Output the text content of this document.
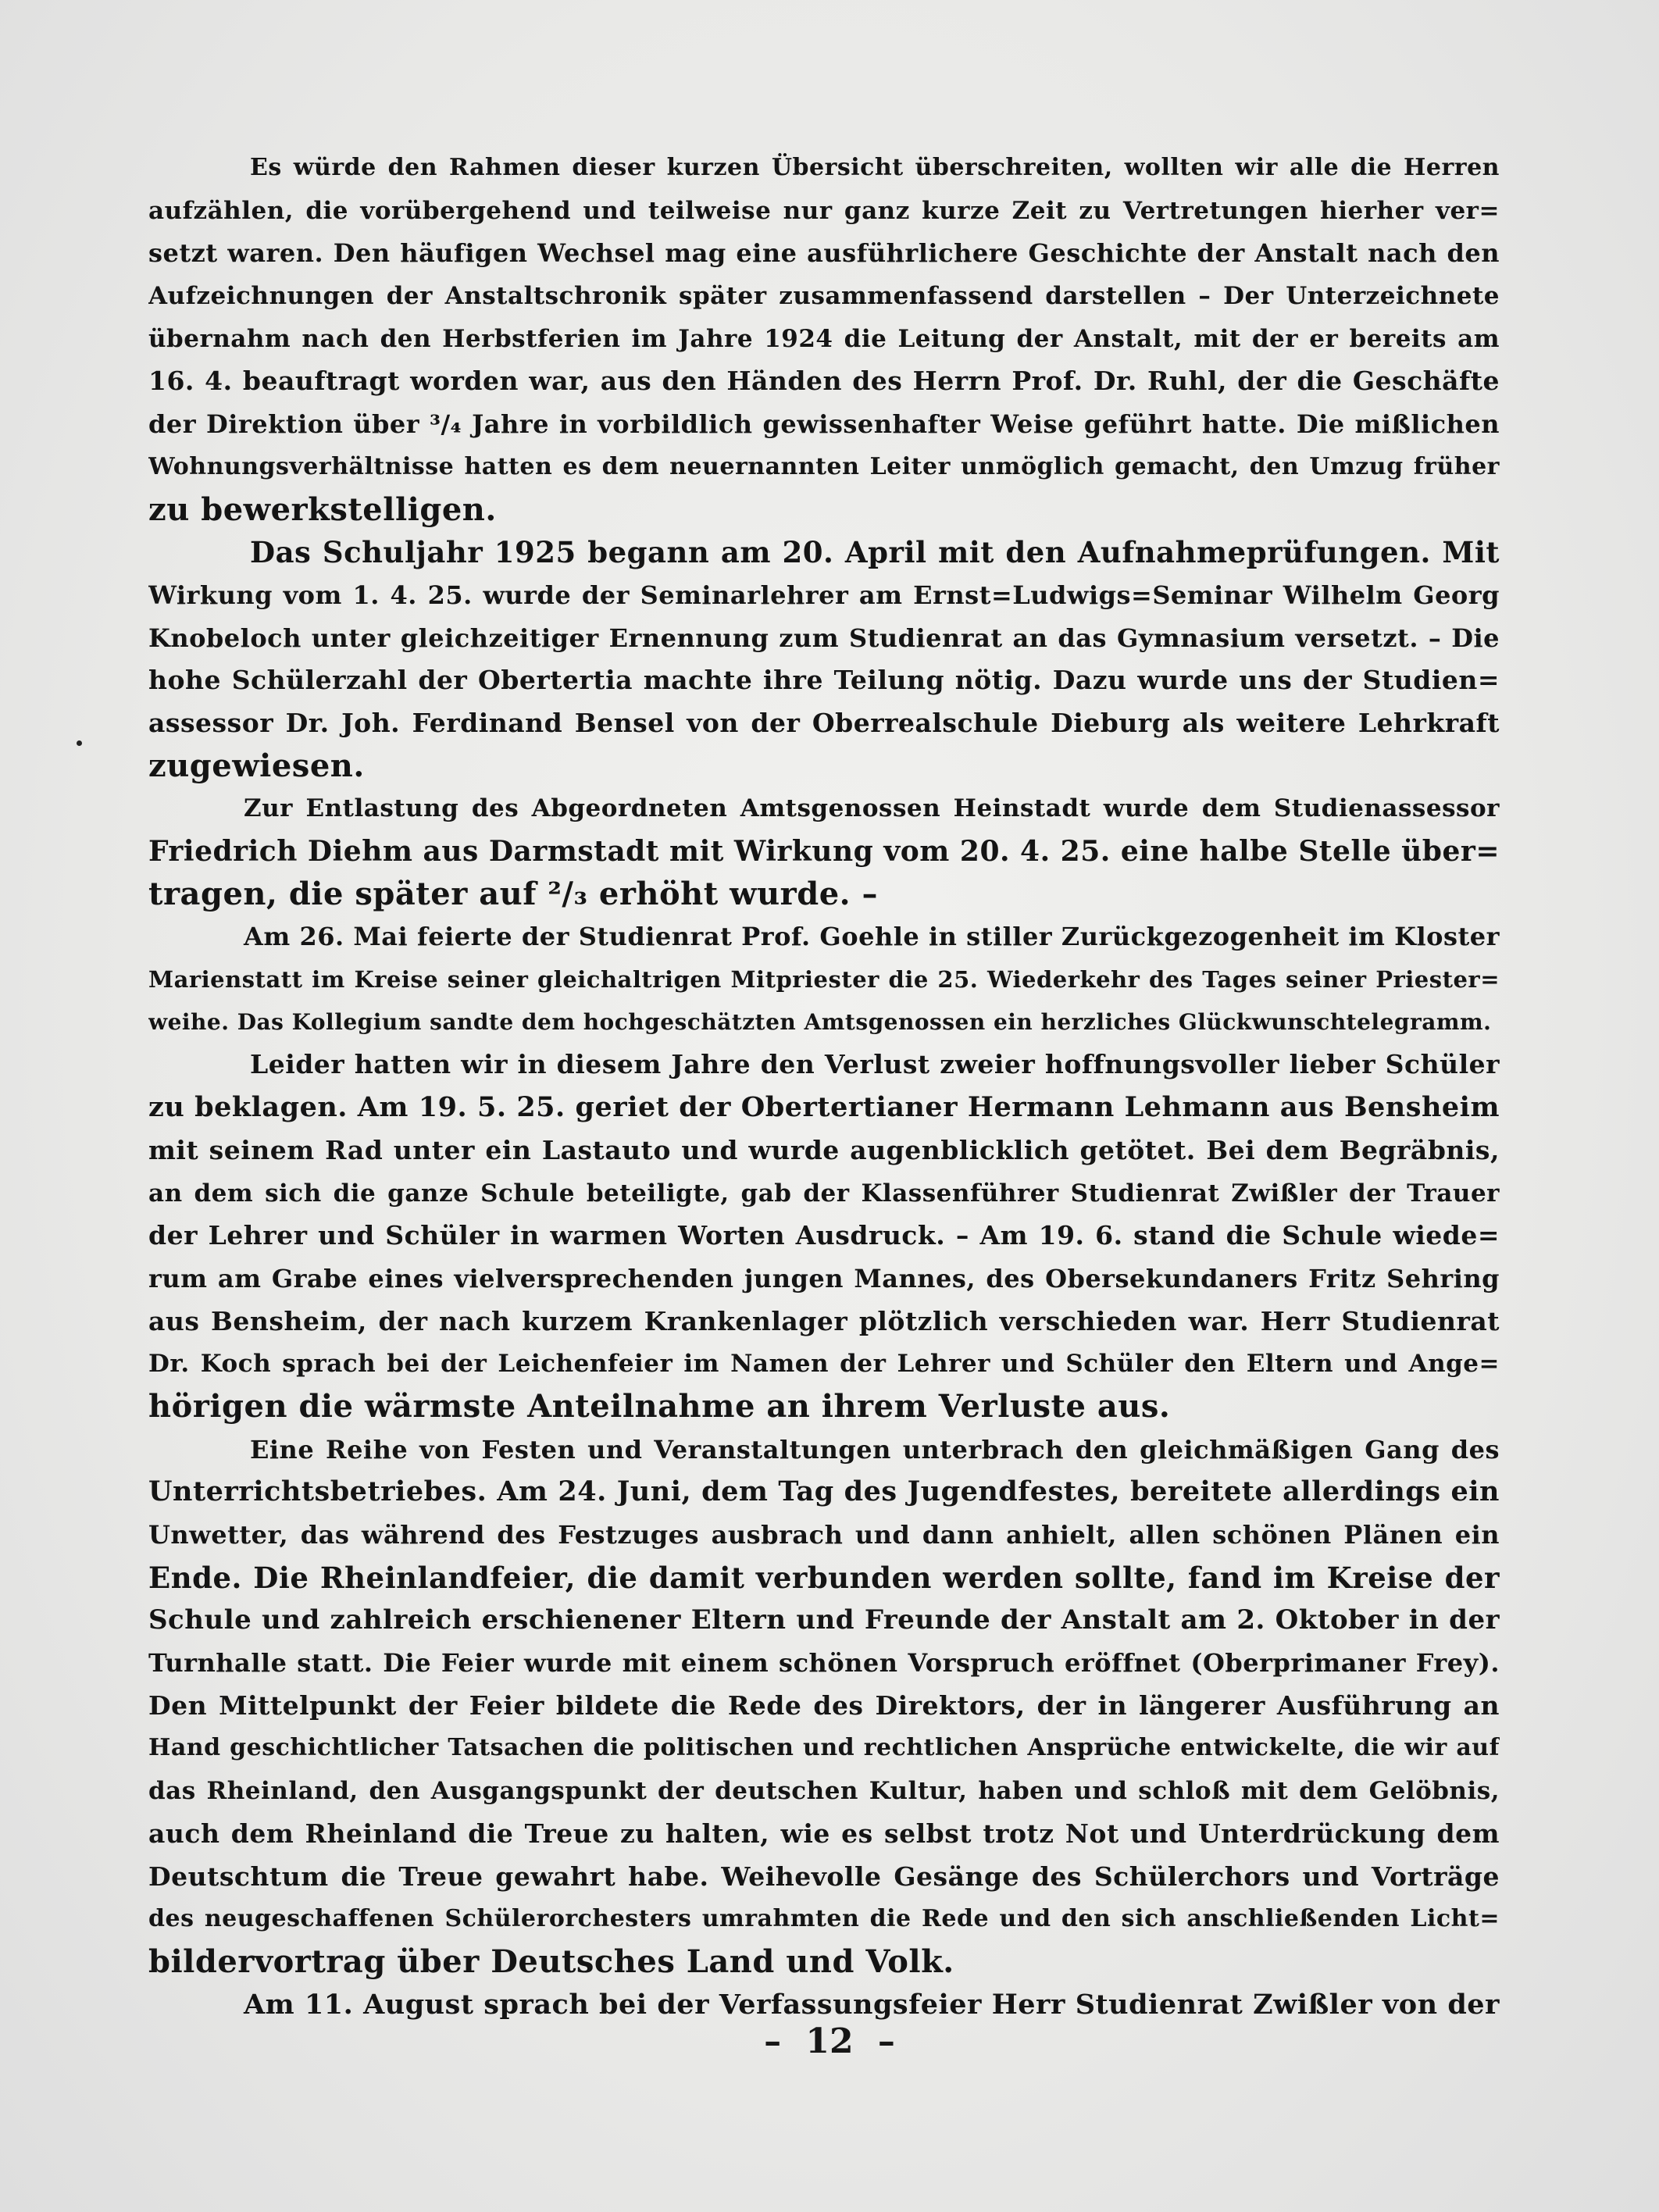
Es würde den Rahmen dieser kurzen Übersicht überschreiten, wollten wir alle die Herren
aufzählen, die vorübergehend und teilweise nur ganz kurze Zeit zu Vertretungen hierher ver=
setzt waren. Den häufigen Wechsel mag eine ausführlichere Geschichte der Anstalt nach den
Aufzeichnungen der Anstaltschronik später zusammenfassend darstellen – Der Unterzeichnete
übernahm nach den Herbstferien im Jahre 1924 die Leitung der Anstalt, mit der er bereits am
16. 4. beauftragt worden war, aus den Händen des Herrn Prof. Dr. Ruhl, der die Geschäfte
der Direktion über ³/₄ Jahre in vorbildlich gewissenhafter Weise geführt hatte. Die mißlichen
Wohnungsverhältnisse hatten es dem neuernannten Leiter unmöglich gemacht, den Umzug früher
zu bewerkstelligen.
Das Schuljahr 1925 begann am 20. April mit den Aufnahmeprüfungen. Mit
Wirkung vom 1. 4. 25. wurde der Seminarlehrer am Ernst=Ludwigs=Seminar Wilhelm Georg
Knobeloch unter gleichzeitiger Ernennung zum Studienrat an das Gymnasium versetzt. – Die
hohe Schülerzahl der Obertertia machte ihre Teilung nötig. Dazu wurde uns der Studien=
assessor Dr. Joh. Ferdinand Bensel von der Oberrealschule Dieburg als weitere Lehrkraft
zugewiesen.
Zur Entlastung des Abgeordneten Amtsgenossen Heinstadt wurde dem Studienassessor
Friedrich Diehm aus Darmstadt mit Wirkung vom 20. 4. 25. eine halbe Stelle über=
tragen, die später auf ²/₃ erhöht wurde. –
Am 26. Mai feierte der Studienrat Prof. Goehle in stiller Zurückgezogenheit im Kloster
Marienstatt im Kreise seiner gleichaltrigen Mitpriester die 25. Wiederkehr des Tages seiner Priester=
weihe. Das Kollegium sandte dem hochgeschätzten Amtsgenossen ein herzliches Glückwunschtelegramm.
Leider hatten wir in diesem Jahre den Verlust zweier hoffnungsvoller lieber Schüler
zu beklagen. Am 19. 5. 25. geriet der Obertertianer Hermann Lehmann aus Bensheim
mit seinem Rad unter ein Lastauto und wurde augenblicklich getötet. Bei dem Begräbnis,
an dem sich die ganze Schule beteiligte, gab der Klassenführer Studienrat Zwißler der Trauer
der Lehrer und Schüler in warmen Worten Ausdruck. – Am 19. 6. stand die Schule wiede=
rum am Grabe eines vielversprechenden jungen Mannes, des Obersekundaners Fritz Sehring
aus Bensheim, der nach kurzem Krankenlager plötzlich verschieden war. Herr Studienrat
Dr. Koch sprach bei der Leichenfeier im Namen der Lehrer und Schüler den Eltern und Ange=
hörigen die wärmste Anteilnahme an ihrem Verluste aus.
Eine Reihe von Festen und Veranstaltungen unterbrach den gleichmäßigen Gang des
Unterrichtsbetriebes. Am 24. Juni, dem Tag des Jugendfestes, bereitete allerdings ein
Unwetter, das während des Festzuges ausbrach und dann anhielt, allen schönen Plänen ein
Ende. Die Rheinlandfeier, die damit verbunden werden sollte, fand im Kreise der
Schule und zahlreich erschienener Eltern und Freunde der Anstalt am 2. Oktober in der
Turnhalle statt. Die Feier wurde mit einem schönen Vorspruch eröffnet (Oberprimaner Frey).
Den Mittelpunkt der Feier bildete die Rede des Direktors, der in längerer Ausführung an
Hand geschichtlicher Tatsachen die politischen und rechtlichen Ansprüche entwickelte, die wir auf
das Rheinland, den Ausgangspunkt der deutschen Kultur, haben und schloß mit dem Gelöbnis,
auch dem Rheinland die Treue zu halten, wie es selbst trotz Not und Unterdrückung dem
Deutschtum die Treue gewahrt habe. Weihevolle Gesänge des Schülerchors und Vorträge
des neugeschaffenen Schülerorchesters umrahmten die Rede und den sich anschließenden Licht=
bildervortrag über Deutsches Land und Volk.
Am 11. August sprach bei der Verfassungsfeier Herr Studienrat Zwißler von der
– 12 –
